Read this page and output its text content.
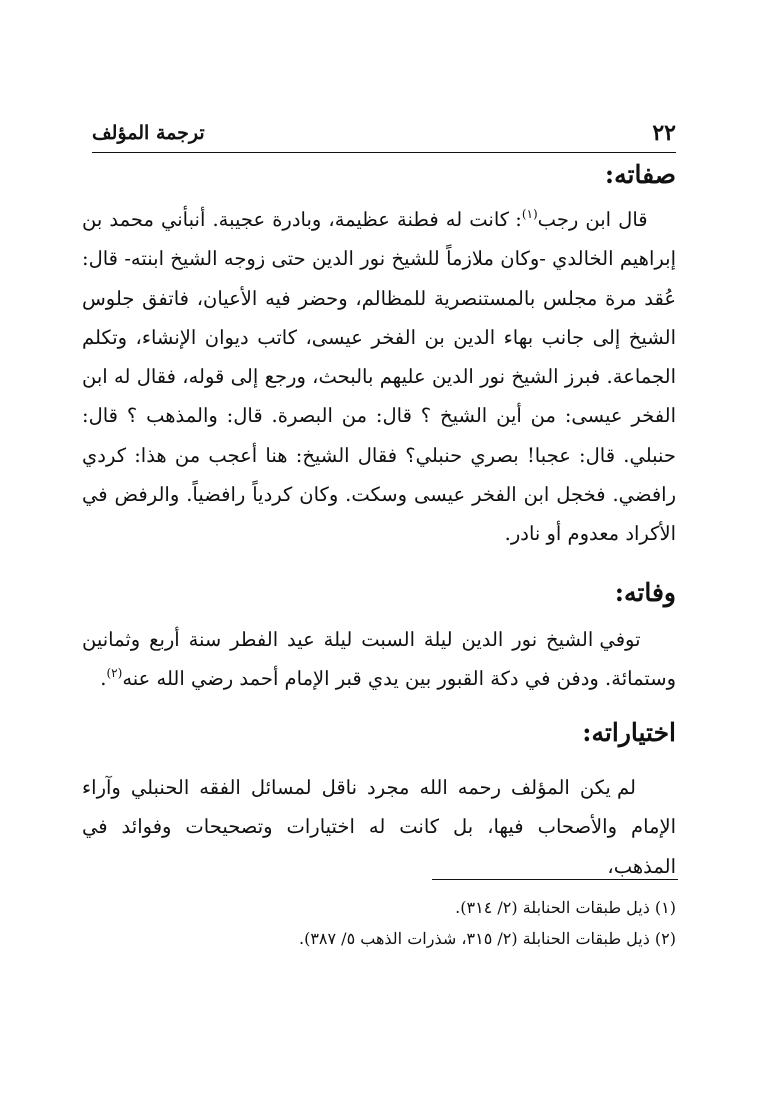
٢٢
ترجمة المؤلف
صفاته:

قال ابن رجب$^{(١)}$: كانت له فطنة عظيمة، وبادرة عجيبة. أنبأني محمد بن إبراهيم الخالدي -وكان ملازماً للشيخ نور الدين حتى زوجه الشيخ ابنته- قال: عُقد مرة مجلس بالمستنصرية للمظالم، وحضر فيه الأعيان، فاتفق جلوس الشيخ إلى جانب بهاء الدين بن الفخر عيسى، كاتب ديوان الإنشاء، وتكلم الجماعة. فبرز الشيخ نور الدين عليهم بالبحث، ورجع إلى قوله، فقال له ابن الفخر عيسى: من أين الشيخ ؟ قال: من البصرة. قال: والمذهب ؟ قال: حنبلي. قال: عجبا! بصري حنبلي؟ فقال الشيخ: هنا أعجب من هذا: كردي رافضي. فخجل ابن الفخر عيسى وسكت. وكان كردياً رافضياً. والرفض في الأكراد معدوم أو نادر.

وفاته:

توفي الشيخ نور الدين ليلة السبت ليلة عيد الفطر سنة أربع وثمانين وستمائة. ودفن في دكة القبور بين يدي قبر الإمام أحمد رضي الله عنه$^{(٢)}$.

اختياراته:

لم يكن المؤلف رحمه الله مجرد ناقل لمسائل الفقه الحنبلي وآراء الإمام والأصحاب فيها، بل كانت له اختيارات وتصحيحات وفوائد في المذهب،

(١) ذيل طبقات الحنابلة (٢/ ٣١٤).
(٢) ذيل طبقات الحنابلة (٢/ ٣١٥، شذرات الذهب ٥/ ٣٨٧).
